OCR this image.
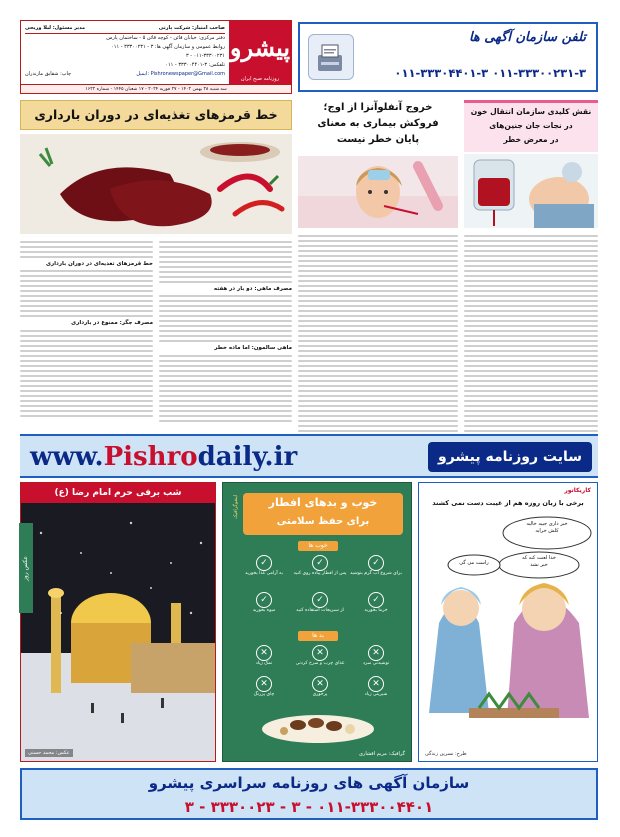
پیشرو
روزنامه صبح ایران
صاحب امتیاز: شرکت پارتی
مدیر مسئول: لیلا وریحی
دفتر مرکزی: خیابان قائن - کوچه قائن ۵ - ساختمان پارس
روابط عمومی و سازمان آگهی ها: ۳ - ۳۳۳۰۰۲۳۱ - ۰۱۱
۰۱۱-۳۳۳۰۰۲۳۱ - ۳
تلفکس: ۳-۳۳۳۰۰۴۴۰۱ - ۰۱۱
ایمیل: Pishronewspaper@Gmail.com
چاپ: شقایق مازندران
سه شنبه ۲۸ بهمن ۱۴۰۲ - ۲۷ فوریه ۲۰۲۴ - ۱۷ شعبان ۱۴۴۵ - شماره ۱۶۲۲
تلفن سازمان آگهی ها
۰۱۱-۳۳۳۰۰۲۳۱-۳ ۰۱۱-۳۳۳۰۴۴۰۱-۳
خط قرمزهای تغذیه‌ای در دوران بارداری
مصرف ماهی: دو بار در هفته
ماهی سالمون: اما ماده خطر
خط قرمزهای تغذیه‌ای در دوران بارداری
مصرف جگر: ممنوع در بارداری
خروج آنفلوآنزا از اوج؛
فروکش بیماری به معنای
پایان خطر نیست
نقش کلیدی سازمان انتقال خون
در نجات جان جنین‌های
در معرض خطر
www.Pishrodaily.ir	سایت روزنامه پیشرو
شب برفی حرم امام رضا (ع)
عکس روز
عکس: محمد حسنی
اینفوگرافیک	خوب و بدهای افطار
برای حفظ سلامتی
خوب ها
✓
برای شروع آب گرم بنوشید
✓
پس از افطار پیاده روی کنید
✓
به آرامی غذا بخورید
✓
خرما بخورید
✓
از سبزیجات استفاده کنید
✓
میوه بخورید
بد ها
✕
نوشیدنی سرد
✕
غذای چرب و سرخ کردنی
✕
نمک زیاد
✕
شیرینی زیاد
✕
پرخوری
✕
چای پررنگ
گرافیک: مریم افشاری
کاریکاتور
برخی با زبان روزه هم از غیبت دست نمی کشند
خبر داری جیبه خالیه
کلش خرابه
خدا لعنت کنه که
خبر نشد
راست می گی
طرح: نسرین زندگی
سازمان آگهی های روزنامه سراسری پیشرو
۰۱۱-۳۳۳۰۰۴۴۰۱ - ۳ - ۳۳۳۰۰۲۳ - ۳
